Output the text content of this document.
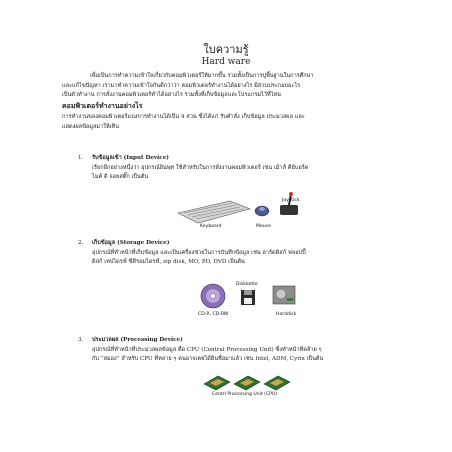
ใบความรู้
Hard ware

เพื่อเป็นการทำความเข้าใจเกี่ยวกับคอมพิวเตอร์ให้มากขึ้น รวมทั้งเป็นการปูพื้นฐานในการศึกษา

และแก้ไขปัญหา เรามาทำความเข้าใจกันดีกว่าว่า คอมพิวเตอร์ทำงานได้อย่างไร มีส่วนประกอบอะไร

เป็นตัวทำงาน การสั่งงานคอมพิวเตอร์ทำได้อย่างไร รวมทั้งที่เก็บข้อมูลและโปรแกรมไว้ที่ไหน

คอมพิวเตอร์ทำงานอย่างไร

การทำงานของคอมพิวเตอร์แบ่งการทำงานได้เป็น 4 ส่วน ซึ่งได้แก่ รับคำสั่ง เก็บข้อมูล ประมวลผล และ

แสดงผลข้อมูลมาให้เห็น

1. รับข้อมูลเข้า (Input Device)

เรียกอีกอย่างหนึ่งว่า อุปกรณ์อินพุท ใช้สำหรับในการสั่งงานคอมพิวเตอร์ เช่น เม้าส์ คีย์บอร์ด

ไมค์ ดิ จอยสติ๊ก เป็นต้น

Keyboard	Mouse
Joystick
2. เก็บข้อมูล (Storage Device)

อุปกรณ์ที่ทำหน้าที่เก็บข้อมูล และเป็นเครื่องช่วยในการบันทึกข้อมูล เช่น ฮาร์ดดิสก์ ฟลอปปี้

ดิสก์ เทปไดรฟ์ ซีดีรอมไดรฟ์, zip disk, MO, PD, DVD เป็นต้น

CD-R, CD-RW
Diskkette
Harddisk
3. ประมวลผล (Processing Device)

อุปกรณ์ที่ทำหน้าที่ประมวลผลข้อมูล คือ CPU (Central Processing Unit) ซึ่งทำหน้าที่คล้าย ๆ

กับ “สมอง” สำหรับ CPU ที่หลาย ๆ คนอาจเคยได้ยินชื่อมาแล้ว เช่น Intel, ADM, Cyrix เป็นต้น

Centrl Processing Unit (CPU)
